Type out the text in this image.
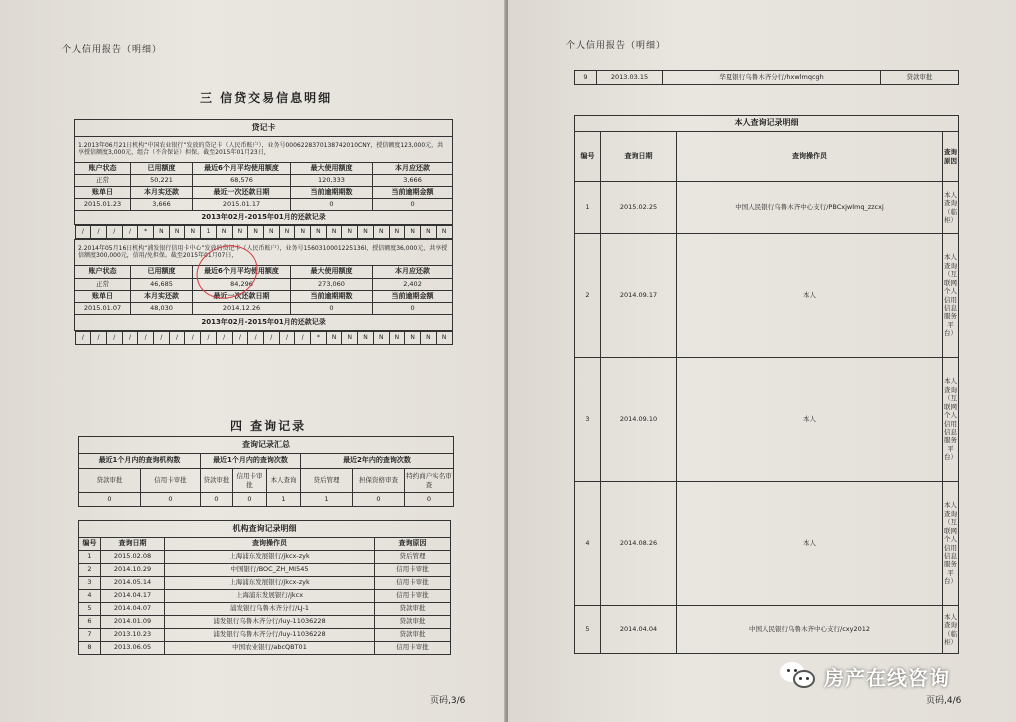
个人信用报告（明细）
三 信贷交易信息明细
贷记卡
1.2013年06月21日机构“中国农业银行”发放的贷记卡（人民币账户），业务号0006228370138742010CNY，授信额度123,000元，共享授信额度3,000元，组合（不含保证）担保。截至2015年01月23日，
账户状态	已用额度	最近6个月平均使用额度	最大使用额度	本月应还款
正常	50,221	68,576	120,333	3,666
账单日	本月实还款	最近一次还款日期	当前逾期期数	当前逾期金额
2015.01.23	3,666	2015.01.17	0	0
2013年02月-2015年01月的还款记录

/	/	/	/	*	N	N	N	1	N	N	N	N	N	N	N	N	N	N	N	N	N	N	N

2.2014年05月16日机构“浦发银行信用卡中心”发放的贷记卡（人民币账户），业务号1560310001225136l，授信额度36,000元，共享授信额度300,000元，信用/免担保。截至2015年01月07日，
账户状态	已用额度	最近6个月平均使用额度	最大使用额度	本月应还款
正常	46,685	84,296	273,060	2,402
账单日	本月实还款	最近一次还款日期	当前逾期期数	当前逾期金额
2015.01.07	48,030	2014.12.26	0	0
2013年02月-2015年01月的还款记录

/	/	/	/	/	/	/	/	/	/	/	/	/	/	/	*	N	N	N	N	N	N	N	N
四 查询记录
查询记录汇总							
最近1个月内的查询机构数		最近1个月内的查询次数			最近2年内的查询次数		
贷款审批	信用卡审批	贷款审批	信用卡审批	本人查询	贷后管理	担保资格审查	特约商户实名审查
0	0	0	0	1	1	0	0
机构查询记录明细			
编号	查询日期	查询操作员	查询原因
1	2015.02.08	上海浦东发展银行/jkcx-zyk	贷后管理
2	2014.10.29	中国银行/BOC_ZH_MI545	信用卡审批
3	2014.05.14	上海浦东发展银行/jkcx-zyk	信用卡审批
4	2014.04.17	上海浦东发展银行/jkcx	信用卡审批
5	2014.04.07	浦发银行乌鲁木齐分行/LJ-1	贷款审批
6	2014.01.09	浦发银行乌鲁木齐分行/luy-11036228	贷款审批
7	2013.10.23	浦发银行乌鲁木齐分行/luy-11036228	贷款审批
8	2013.06.05	中国农业银行/abcQBT01	信用卡审批
页码,3/6
个人信用报告（明细）
9	2013.03.15	华夏银行乌鲁木齐分行/hxwlmqcgh	贷款审批
本人查询记录明细			
编号	查询日期	查询操作员	查询原因
1	2015.02.25	中国人民银行乌鲁木齐中心支行/PBCxjwlmq_zzcxj	本人查询（临柜）
2	2014.09.17	本人	本人查询（互联网个人信用信息服务平台）
3	2014.09.10	本人	本人查询（互联网个人信用信息服务平台）
4	2014.08.26	本人	本人查询（互联网个人信用信息服务平台）
5	2014.04.04	中国人民银行乌鲁木齐中心支行/cxy2012	本人查询（临柜）
页码,4/6
房产在线咨询
